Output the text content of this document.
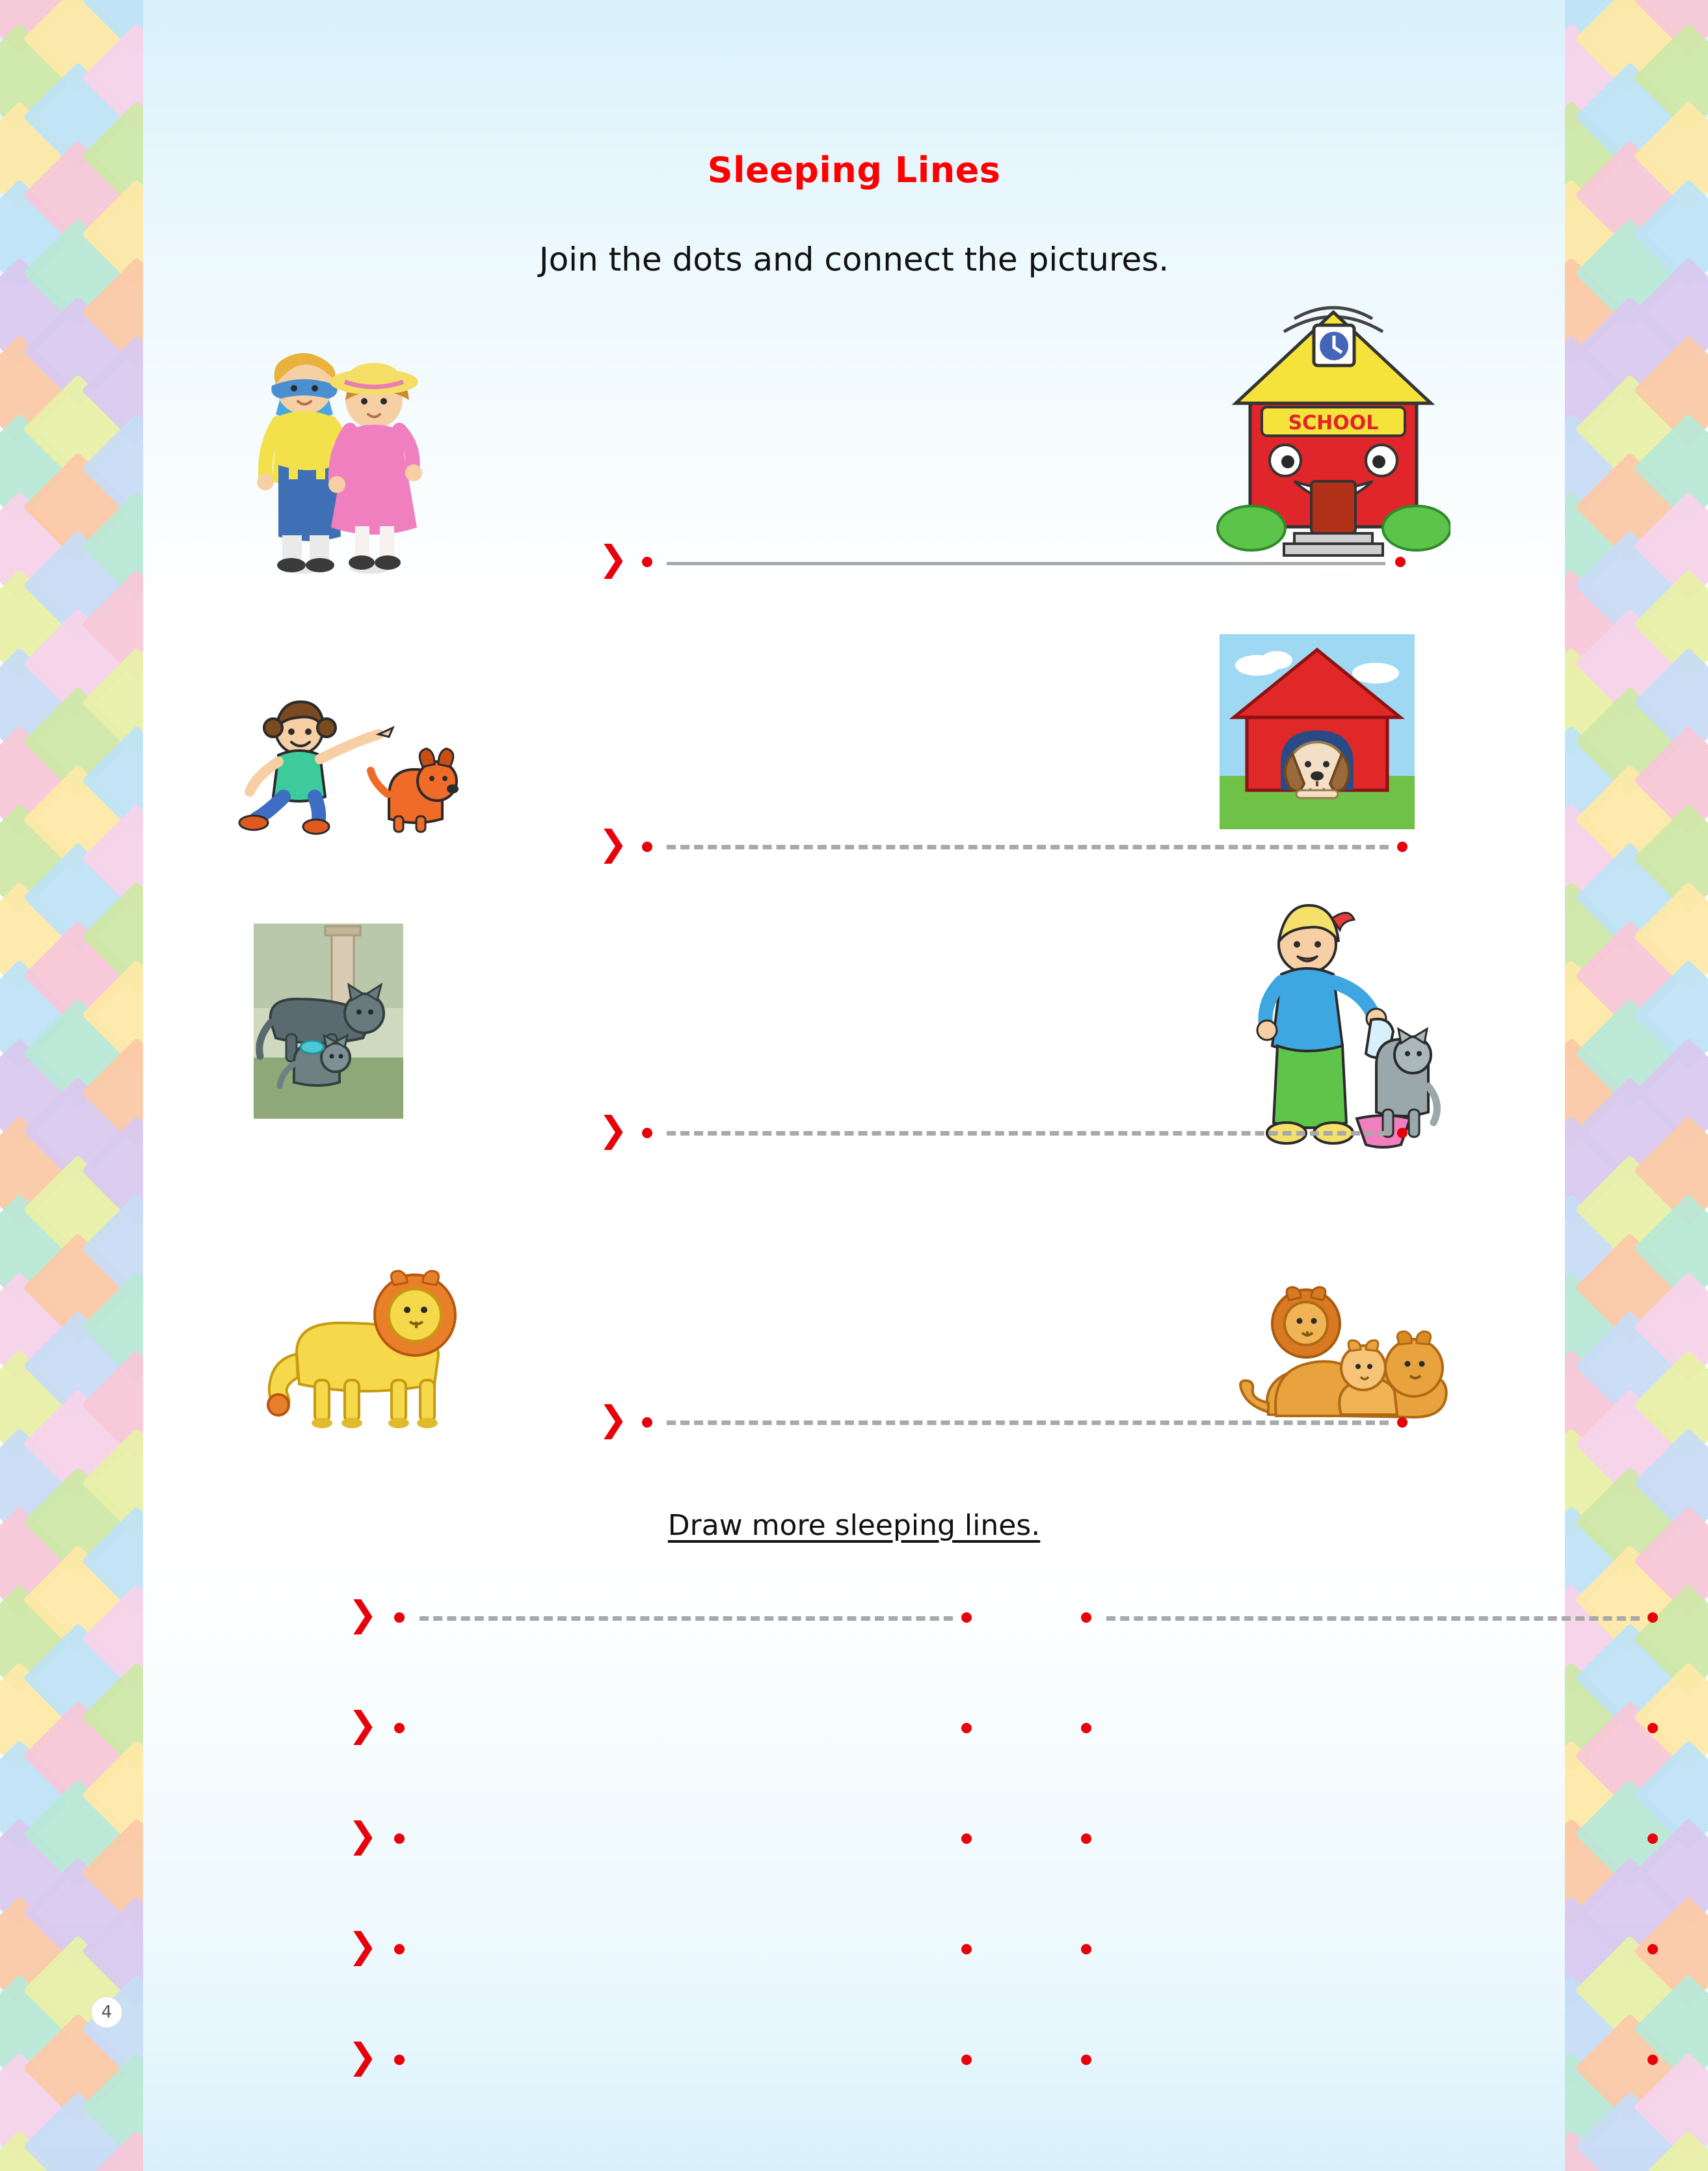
Sleeping Lines
Join the dots and connect the pictures.
SCHOOL
❯
❯
❯
❯
Draw more sleeping lines.
❯
❯
❯
❯
❯
4
